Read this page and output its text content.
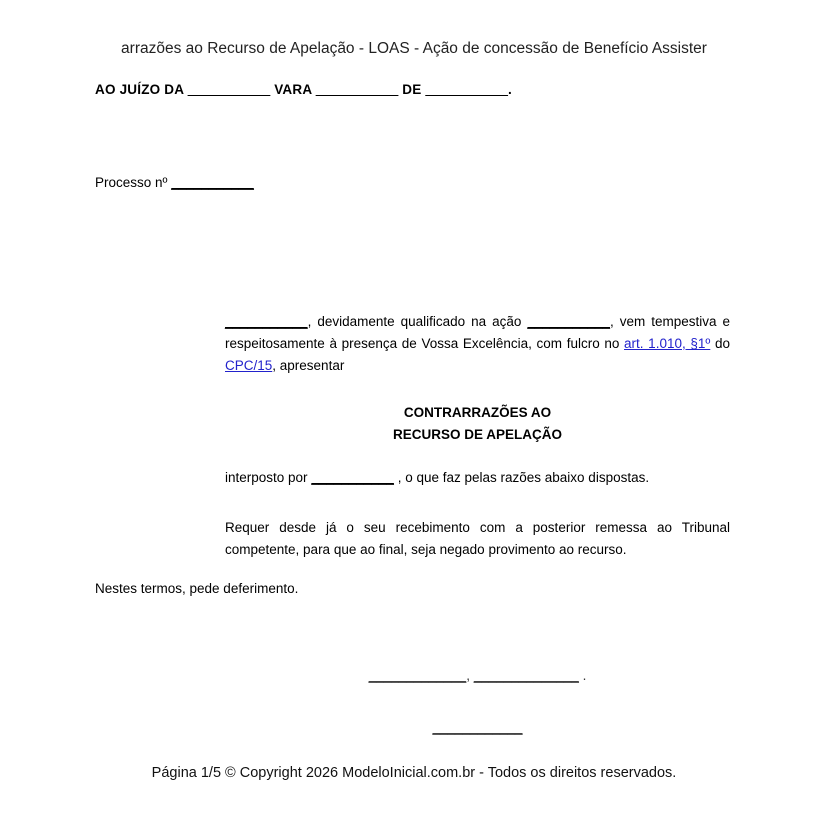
arrazões ao Recurso de Apelação - LOAS - Ação de concessão de Benefício Assister
AO JUÍZO DA ___________ VARA ___________ DE ___________.
Processo nº ___________
___________, devidamente qualificado na ação ___________, vem tempestiva e respeitosamente à presença de Vossa Excelência, com fulcro no art. 1.010, §1º do CPC/15, apresentar
CONTRARRAZÕES AO
RECURSO DE APELAÇÃO
interposto por ___________ , o que faz pelas razões abaixo dispostas.
Requer desde já o seu recebimento com a posterior remessa ao Tribunal competente, para que ao final, seja negado provimento ao recurso.
Nestes termos, pede deferimento.
_____________, ______________ .
____________
Página 1/5 © Copyright 2026 ModeloInicial.com.br - Todos os direitos reservados.
